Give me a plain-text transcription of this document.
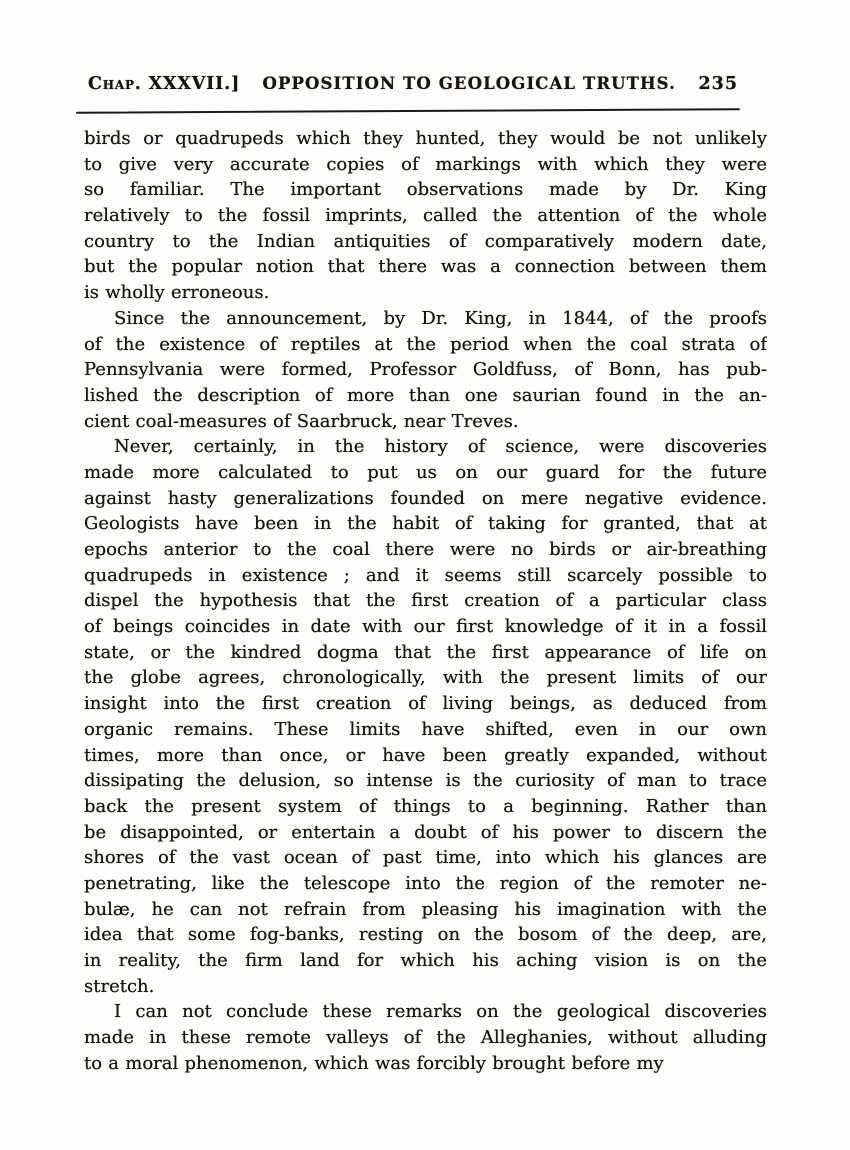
Chap. XXXVII.] OPPOSITION TO GEOLOGICAL TRUTHS. 235
birds or quadrupeds which they hunted, they would be not unlikely
to give very accurate copies of markings with which they were
so familiar. The important observations made by Dr. King
relatively to the fossil imprints, called the attention of the whole
country to the Indian antiquities of comparatively modern date,
but the popular notion that there was a connection between them
is wholly erroneous.
Since the announcement, by Dr. King, in 1844, of the proofs
of the existence of reptiles at the period when the coal strata of
Pennsylvania were formed, Professor Goldfuss, of Bonn, has pub-
lished the description of more than one saurian found in the an-
cient coal-measures of Saarbruck, near Treves.
Never, certainly, in the history of science, were discoveries
made more calculated to put us on our guard for the future
against hasty generalizations founded on mere negative evidence.
Geologists have been in the habit of taking for granted, that at
epochs anterior to the coal there were no birds or air-breathing
quadrupeds in existence ; and it seems still scarcely possible to
dispel the hypothesis that the first creation of a particular class
of beings coincides in date with our first knowledge of it in a fossil
state, or the kindred dogma that the first appearance of life on
the globe agrees, chronologically, with the present limits of our
insight into the first creation of living beings, as deduced from
organic remains. These limits have shifted, even in our own
times, more than once, or have been greatly expanded, without
dissipating the delusion, so intense is the curiosity of man to trace
back the present system of things to a beginning. Rather than
be disappointed, or entertain a doubt of his power to discern the
shores of the vast ocean of past time, into which his glances are
penetrating, like the telescope into the region of the remoter ne-
bulæ, he can not refrain from pleasing his imagination with the
idea that some fog-banks, resting on the bosom of the deep, are,
in reality, the firm land for which his aching vision is on the
stretch.
I can not conclude these remarks on the geological discoveries
made in these remote valleys of the Alleghanies, without alluding
to a moral phenomenon, which was forcibly brought before my
